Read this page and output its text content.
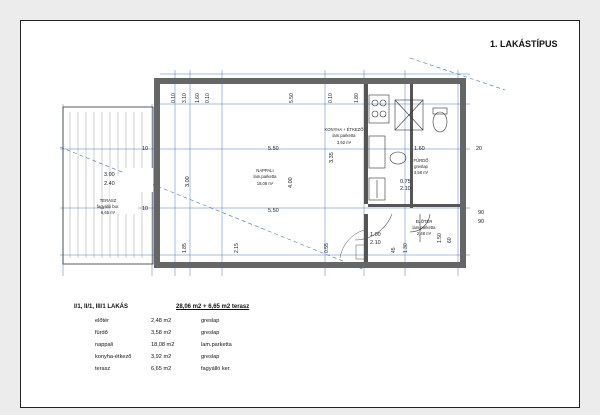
5.50
5.50
1.60
4.00
3.00
3.00
2.40
1.00
2.10
0.75
2.10
3.35
90
90
10
10
20
NAPPALI
lam.parketta
18,08 m²
KONYHA + ÉTKEZŐ
lam.parketta
3,92 m²
FÜRDŐ
greslap
3,58 m²
ELŐTÉR
lam.parketta
2,48 m²
TERASZ
fagyálló bur.
6,65 m²
1. LAKÁSTÍPUS
I/1, II/1, III/1 LAKÁS	28,06 m2 + 6,65 m2 terasz
előtér	2,48 m2	greslap
fürdő	3,58 m2	greslap
nappali	18,08 m2	lam.parketta
konyha-étkező	3,92 m2	greslap
terasz	6,65 m2	fagyálló ker.
1.60 0.10	5.50	0.10	1.80
0.10 3.10
1.50 60
45
1.85	2.15	0.55	1.30
